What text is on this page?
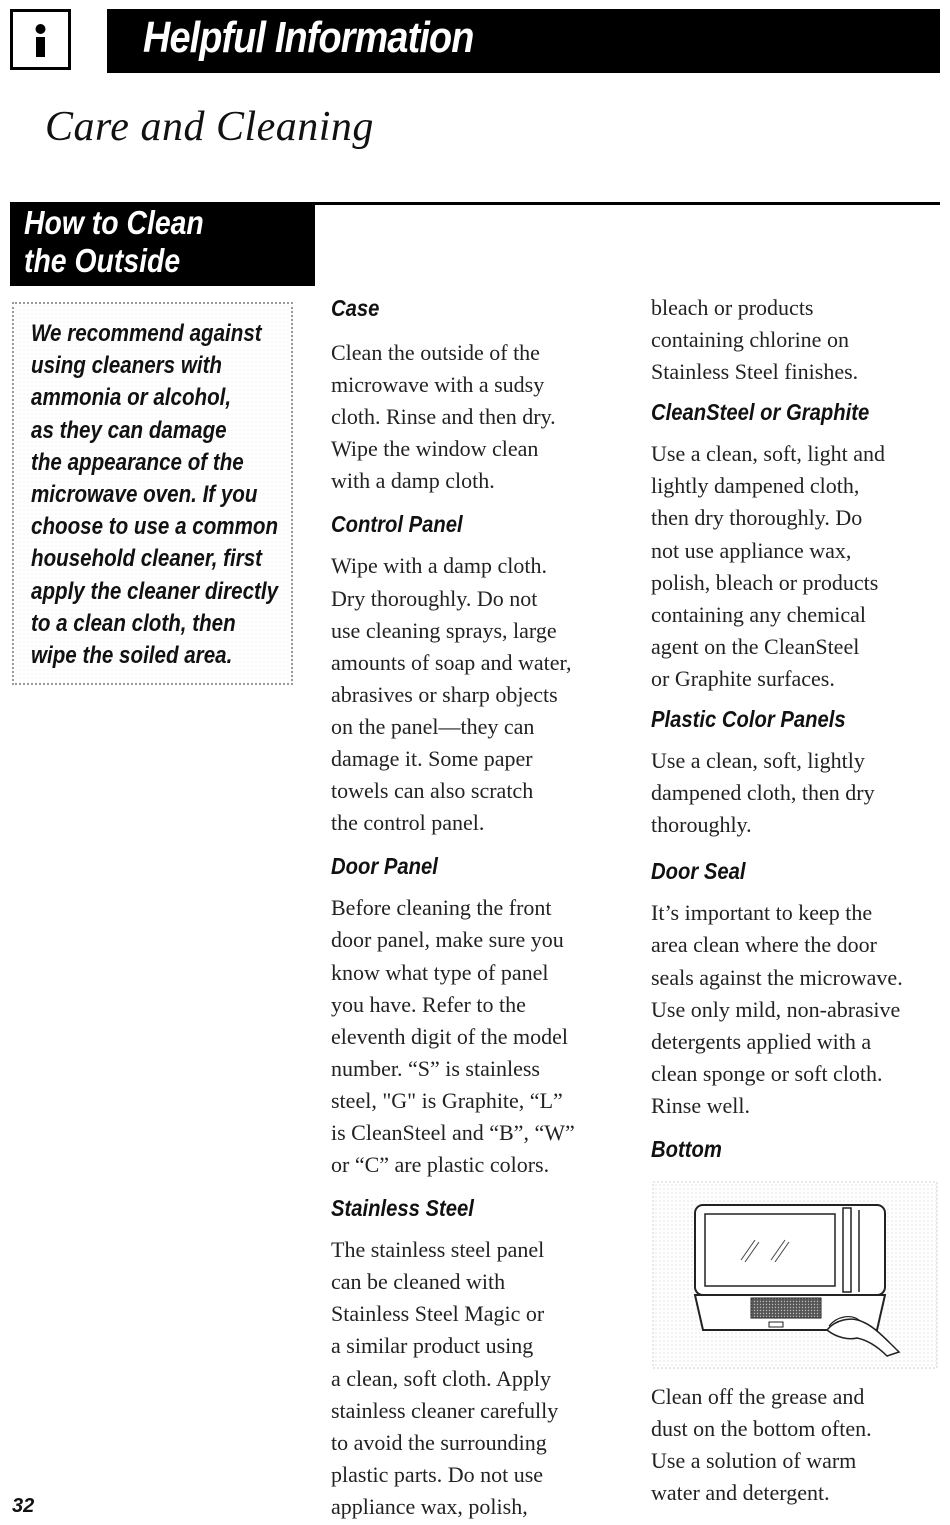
Helpful Information
Care and Cleaning
How to Clean
the Outside
We recommend against
using cleaners with
ammonia or alcohol,
as they can damage
the appearance of the
microwave oven. If you
choose to use a common
household cleaner, first
apply the cleaner directly
to a clean cloth, then
wipe the soiled area.
Case
Clean the outside of the
microwave with a sudsy
cloth. Rinse and then dry.
Wipe the window clean
with a damp cloth.
Control Panel
Wipe with a damp cloth.
Dry thoroughly. Do not
use cleaning sprays, large
amounts of soap and water,
abrasives or sharp objects
on the panel—they can
damage it. Some paper
towels can also scratch
the control panel.
Door Panel
Before cleaning the front
door panel, make sure you
know what type of panel
you have. Refer to the
eleventh digit of the model
number. “S” is stainless
steel, "G" is Graphite, “L”
is CleanSteel and “B”, “W”
or “C” are plastic colors.
Stainless Steel
The stainless steel panel
can be cleaned with
Stainless Steel Magic or
a similar product using
a clean, soft cloth. Apply
stainless cleaner carefully
to avoid the surrounding
plastic parts. Do not use
appliance wax, polish,
bleach or products
containing chlorine on
Stainless Steel finishes.
CleanSteel or Graphite
Use a clean, soft, light and
lightly dampened cloth,
then dry thoroughly. Do
not use appliance wax,
polish, bleach or products
containing any chemical
agent on the CleanSteel
or Graphite surfaces.
Plastic Color Panels
Use a clean, soft, lightly
dampened cloth, then dry
thoroughly.
Door Seal
It’s important to keep the
area clean where the door
seals against the microwave.
Use only mild, non-abrasive
detergents applied with a
clean sponge or soft cloth.
Rinse well.
Bottom
Clean off the grease and
dust on the bottom often.
Use a solution of warm
water and detergent.
32
